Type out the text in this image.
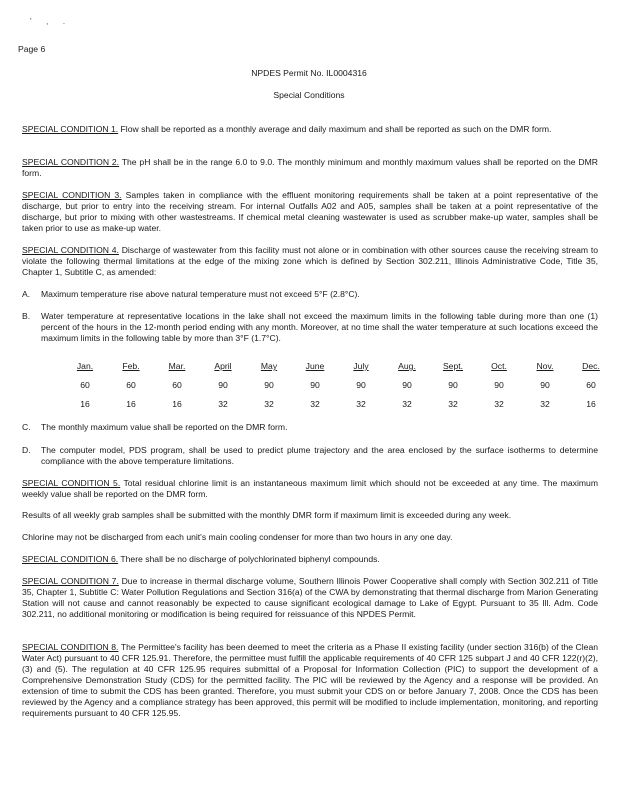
' , .
Page 6
NPDES Permit No. IL0004316
Special Conditions
SPECIAL CONDITION 1. Flow shall be reported as a monthly average and daily maximum and shall be reported as such on the DMR form.
SPECIAL CONDITION 2. The pH shall be in the range 6.0 to 9.0. The monthly minimum and monthly maximum values shall be reported on the DMR form.
SPECIAL CONDITION 3. Samples taken in compliance with the effluent monitoring requirements shall be taken at a point representative of the discharge, but prior to entry into the receiving stream. For internal Outfalls A02 and A05, samples shall be taken at a point representative of the discharge, but prior to mixing with other wastestreams. If chemical metal cleaning wastewater is used as scrubber make-up water, samples shall be taken prior to use as make-up water.
SPECIAL CONDITION 4. Discharge of wastewater from this facility must not alone or in combination with other sources cause the receiving stream to violate the following thermal limitations at the edge of the mixing zone which is defined by Section 302.211, Illinois Administrative Code, Title 35, Chapter 1, Subtitle C, as amended:
A. Maximum temperature rise above natural temperature must not exceed 5°F (2.8°C).
B. Water temperature at representative locations in the lake shall not exceed the maximum limits in the following table during more than one (1) percent of the hours in the 12-month period ending with any month. Moreover, at no time shall the water temperature at such locations exceed the maximum limits in the following table by more than 3°F (1.7°C).
Jan.	Feb.	Mar.	April	May	June	July	Aug.	Sept.	Oct.	Nov.	Dec.
60	60	60	90	90	90	90	90	90	90	90	60
16	16	16	32	32	32	32	32	32	32	32	16
C. The monthly maximum value shall be reported on the DMR form.
D. The computer model, PDS program, shall be used to predict plume trajectory and the area enclosed by the surface isotherms to determine compliance with the above temperature limitations.
SPECIAL CONDITION 5. Total residual chlorine limit is an instantaneous maximum limit which should not be exceeded at any time. The maximum weekly value shall be reported on the DMR form.
Results of all weekly grab samples shall be submitted with the monthly DMR form if maximum limit is exceeded during any week.
Chlorine may not be discharged from each unit's main cooling condenser for more than two hours in any one day.
SPECIAL CONDITION 6. There shall be no discharge of polychlorinated biphenyl compounds.
SPECIAL CONDITION 7. Due to increase in thermal discharge volume, Southern Illinois Power Cooperative shall comply with Section 302.211 of Title 35, Chapter 1, Subtitle C: Water Pollution Regulations and Section 316(a) of the CWA by demonstrating that thermal discharge from Marion Generating Station will not cause and cannot reasonably be expected to cause significant ecological damage to Lake of Egypt. Pursuant to 35 Ill. Adm. Code 302.211, no additional monitoring or modification is being required for reissuance of this NPDES Permit.
SPECIAL CONDITION 8. The Permittee's facility has been deemed to meet the criteria as a Phase II existing facility (under section 316(b) of the Clean Water Act) pursuant to 40 CFR 125.91. Therefore, the permittee must fulfill the applicable requirements of 40 CFR 125 subpart J and 40 CFR 122(r)(2), (3) and (5). The regulation at 40 CFR 125.95 requires submittal of a Proposal for Information Collection (PIC) to support the development of a Comprehensive Demonstration Study (CDS) for the permitted facility. The PIC will be reviewed by the Agency and a response will be provided. An extension of time to submit the CDS has been granted. Therefore, you must submit your CDS on or before January 7, 2008. Once the CDS has been reviewed by the Agency and a compliance strategy has been approved, this permit will be modified to include implementation, monitoring, and reporting requirements pursuant to 40 CFR 125.95.
